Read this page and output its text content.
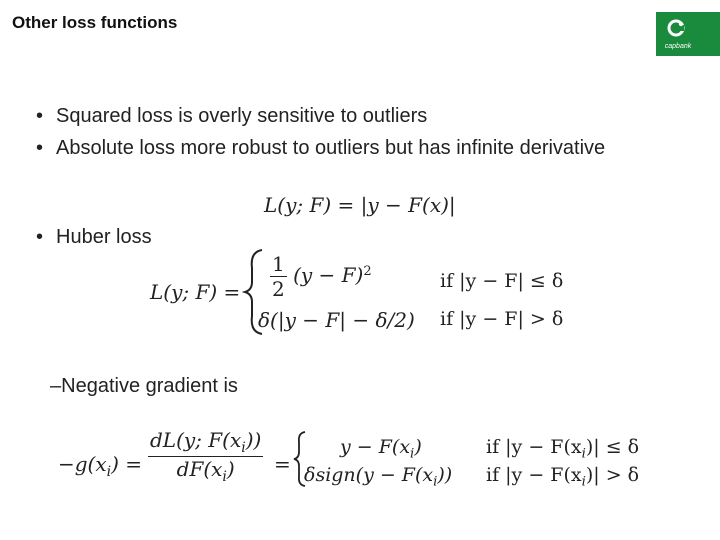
Other loss functions
capbank
• Squared loss is overly sensitive to outliers
• Absolute loss more robust to outliers but has infinite derivative
L(y; F) = |y − F(x)|
• Huber loss
L(y; $F) = \frac{1}{2} (y - F)^2$	if |y − F| ≤ δ
δ(|y − F| − δ/2) if |y − F| > δ
–Negative gradient is
$-g(x_i) = \frac{dL(y; F(x_i))}{dF(x_i)}$ =
$y - F(x_i)$
δsign(y − $F(x_i)$)
if $|y - F(x_i)| \le \delta$
if $|y - F(x_i)| > \delta$
